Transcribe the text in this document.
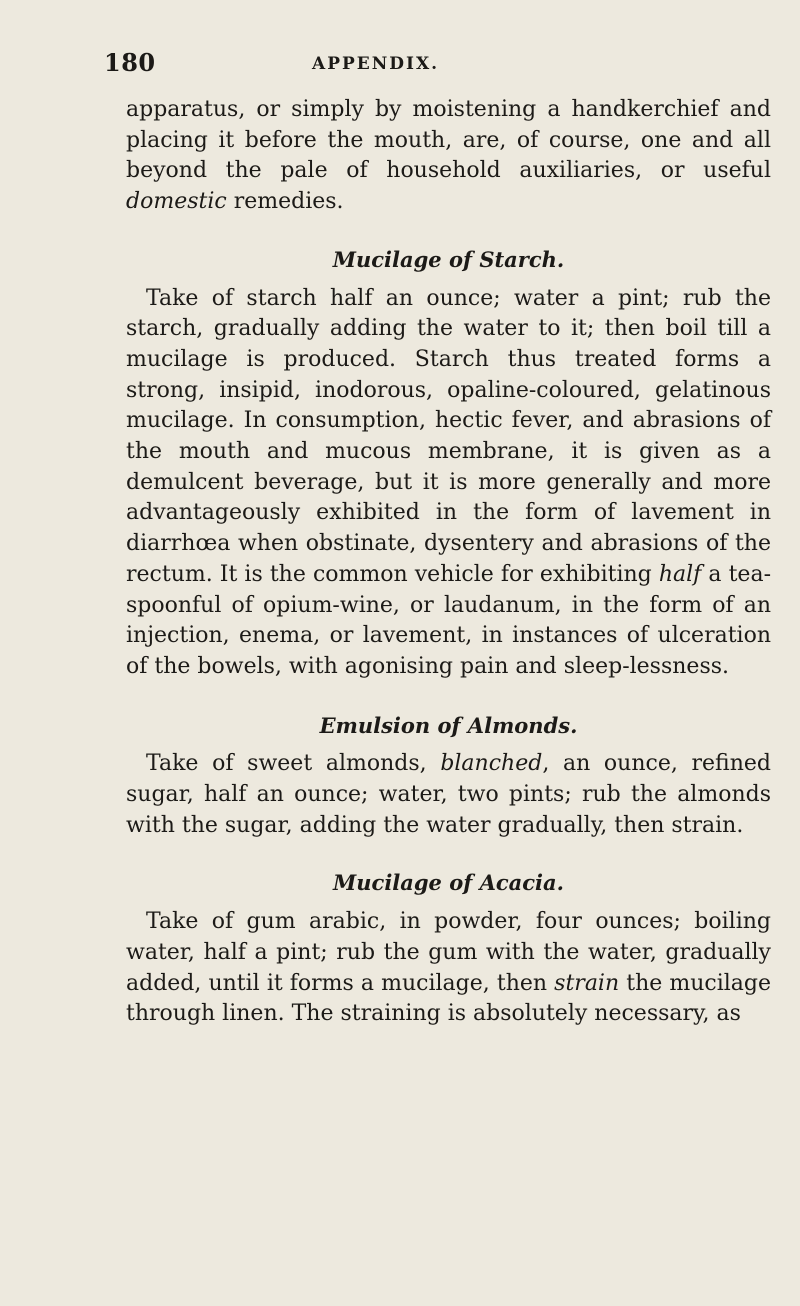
180	APPENDIX.

apparatus, or simply by moistening a handkerchief and placing it before the mouth, are, of course, one and all beyond the pale of household auxiliaries, or useful domestic remedies.

Mucilage of Starch.

Take of starch half an ounce; water a pint; rub the starch, gradually adding the water to it; then boil till a mucilage is produced. Starch thus treated forms a strong, insipid, inodorous, opaline-coloured, gelatinous mucilage. In consumption, hectic fever, and abrasions of the mouth and mucous membrane, it is given as a demulcent beverage, but it is more generally and more advantageously exhibited in the form of lavement in diarrhœa when obstinate, dysentery and abrasions of the rectum. It is the common vehicle for exhibiting half a tea-spoonful of opium-wine, or laudanum, in the form of an injection, enema, or lavement, in instances of ulceration of the bowels, with agonising pain and sleep-lessness.

Emulsion of Almonds.

Take of sweet almonds, blanched, an ounce, refined sugar, half an ounce; water, two pints; rub the almonds with the sugar, adding the water gradually, then strain.

Mucilage of Acacia.

Take of gum arabic, in powder, four ounces; boiling water, half a pint; rub the gum with the water, gradually added, until it forms a mucilage, then strain the mucilage through linen. The straining is absolutely necessary, as
